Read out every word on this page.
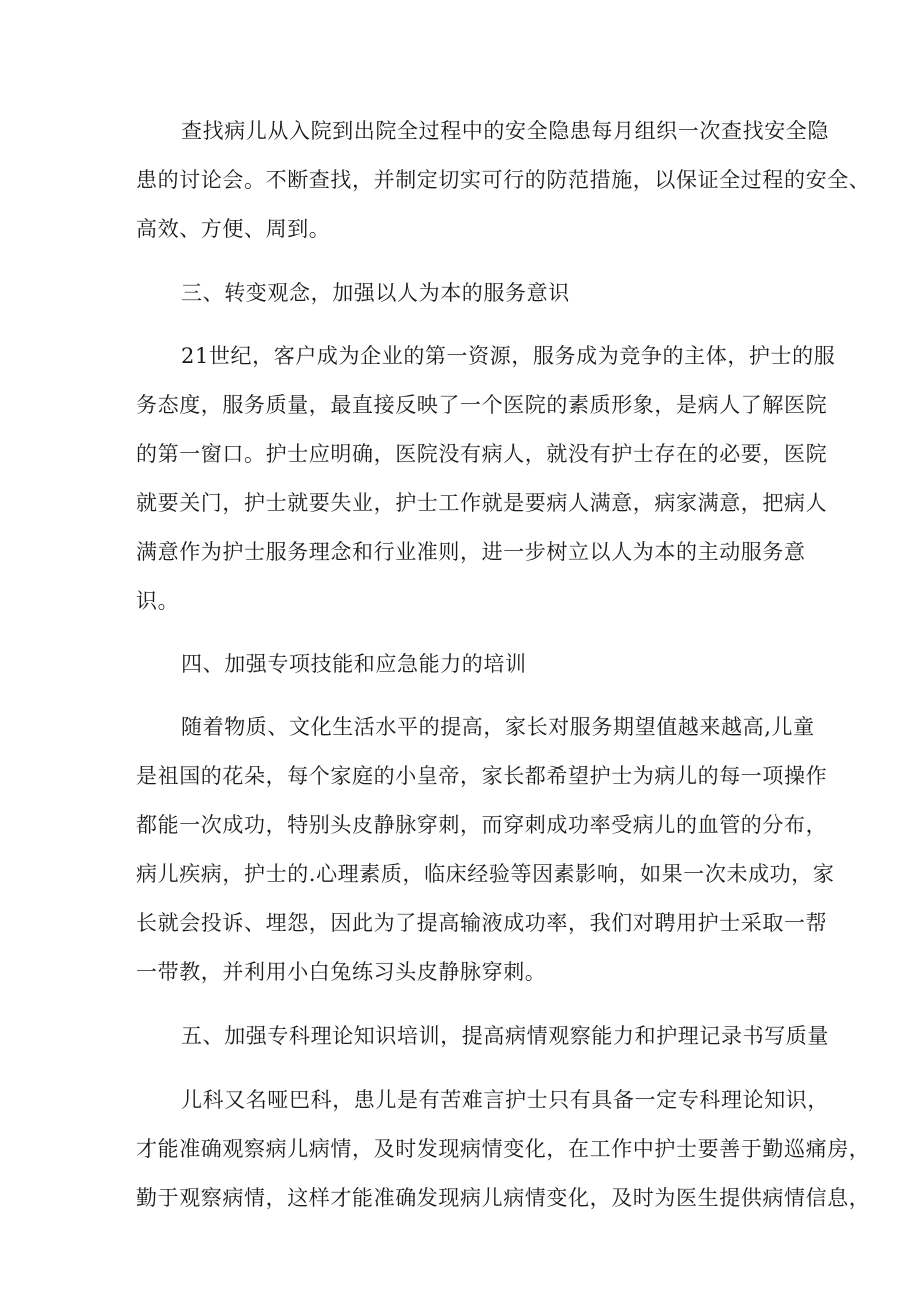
查找病儿从入院到出院全过程中的安全隐患每月组织一次查找安全隐
患的讨论会。不断查找，并制定切实可行的防范措施，以保证全过程的安全、
高效、方便、周到。
三、转变观念，加强以人为本的服务意识
21世纪，客户成为企业的第一资源，服务成为竞争的主体，护士的服
务态度，服务质量，最直接反映了一个医院的素质形象，是病人了解医院
的第一窗口。护士应明确，医院没有病人，就没有护士存在的必要，医院
就要关门，护士就要失业，护士工作就是要病人满意，病家满意，把病人
满意作为护士服务理念和行业准则，进一步树立以人为本的主动服务意
识。
四、加强专项技能和应急能力的培训
随着物质、文化生活水平的提高，家长对服务期望值越来越高,儿童
是祖国的花朵，每个家庭的小皇帝，家长都希望护士为病儿的每一项操作
都能一次成功，特别头皮静脉穿刺，而穿刺成功率受病儿的血管的分布，
病儿疾病，护士的.心理素质，临床经验等因素影响，如果一次未成功，家
长就会投诉、埋怨，因此为了提高输液成功率，我们对聘用护士采取一帮
一带教，并利用小白兔练习头皮静脉穿刺。
五、加强专科理论知识培训，提高病情观察能力和护理记录书写质量
儿科又名哑巴科，患儿是有苦难言护士只有具备一定专科理论知识，
才能准确观察病儿病情，及时发现病情变化，在工作中护士要善于勤巡痛房，
勤于观察病情，这样才能准确发现病儿病情变化，及时为医生提供病情信息，
